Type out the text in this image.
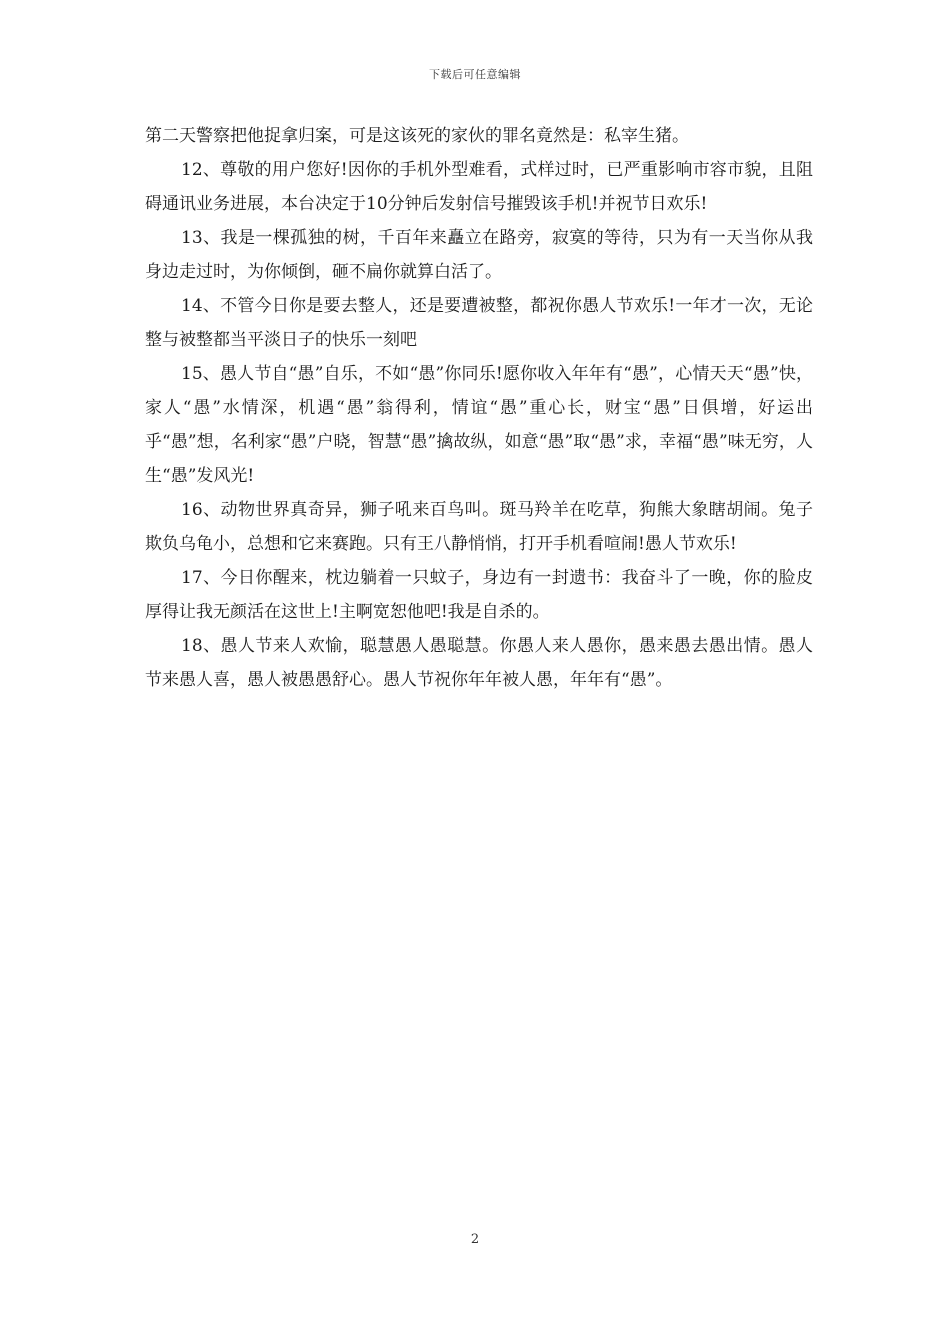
下载后可任意编辑

第二天警察把他捉拿归案，可是这该死的家伙的罪名竟然是：私宰生猪。

12、尊敬的用户您好!因你的手机外型难看，式样过时，已严重影响市容市貌，且阻碍通讯业务进展，本台决定于10分钟后发射信号摧毁该手机!并祝节日欢乐!

13、我是一棵孤独的树，千百年来矗立在路旁，寂寞的等待，只为有一天当你从我身边走过时，为你倾倒，砸不扁你就算白活了。

14、不管今日你是要去整人，还是要遭被整，都祝你愚人节欢乐!一年才一次，无论整与被整都当平淡日子的快乐一刻吧

15、愚人节自“愚”自乐，不如“愚”你同乐!愿你收入年年有“愚”，心情天天“愚”快，家人“愚”水情深，机遇“愚”翁得利，情谊“愚”重心长，财宝“愚”日俱增，好运出乎“愚”想，名利家“愚”户晓，智慧“愚”擒故纵，如意“愚”取“愚”求，幸福“愚”味无穷，人生“愚”发风光!

16、动物世界真奇异，狮子吼来百鸟叫。斑马羚羊在吃草，狗熊大象瞎胡闹。兔子欺负乌龟小，总想和它来赛跑。只有王八静悄悄，打开手机看喧闹!愚人节欢乐!

17、今日你醒来，枕边躺着一只蚊子，身边有一封遗书：我奋斗了一晚，你的脸皮厚得让我无颜活在这世上!主啊宽恕他吧!我是自杀的。

18、愚人节来人欢愉，聪慧愚人愚聪慧。你愚人来人愚你，愚来愚去愚出情。愚人节来愚人喜，愚人被愚愚舒心。愚人节祝你年年被人愚，年年有“愚”。

2
